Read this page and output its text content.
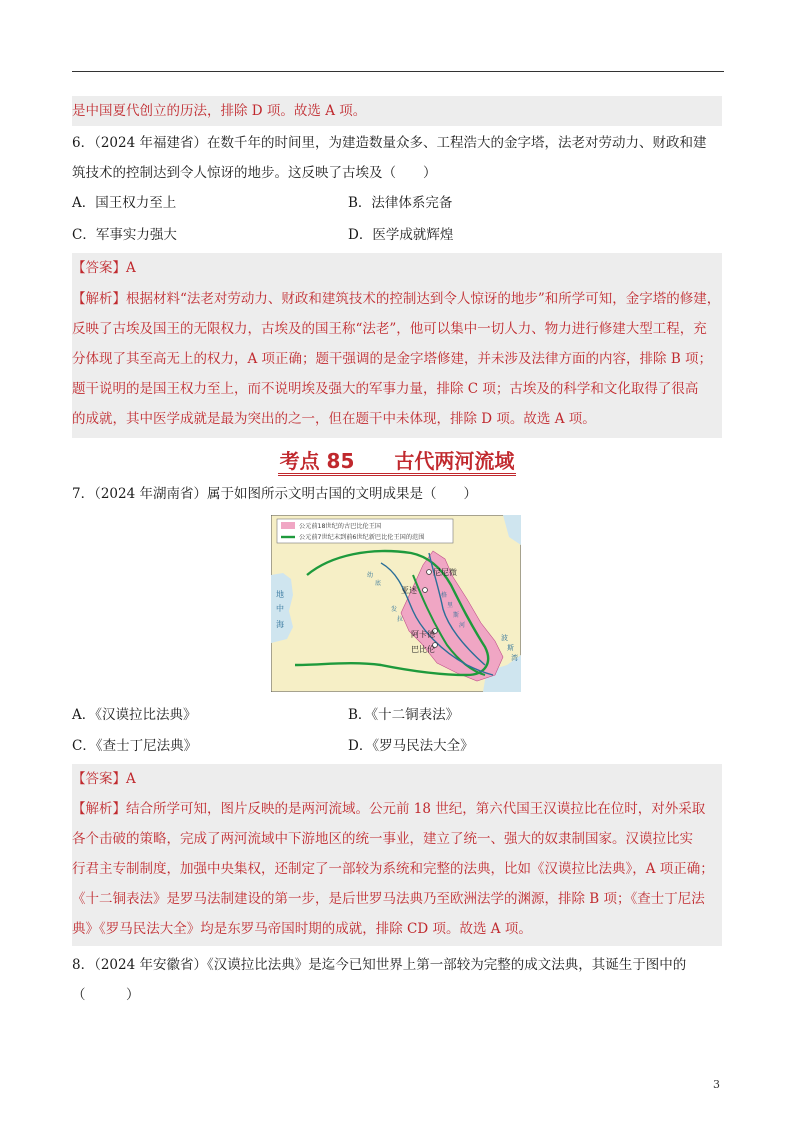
是中国夏代创立的历法，排除 D 项。故选 A 项。
6．（2024 年福建省）在数千年的时间里，为建造数量众多、工程浩大的金字塔，法老对劳动力、财政和建
筑技术的控制达到令人惊讶的地步。这反映了古埃及（　　）
A．国王权力至上	B．法律体系完备
C．军事实力强大	D．医学成就辉煌
【答案】A
【解析】根据材料“法老对劳动力、财政和建筑技术的控制达到令人惊讶的地步”和所学可知，金字塔的修建，
反映了古埃及国王的无限权力，古埃及的国王称“法老”，他可以集中一切人力、物力进行修建大型工程，充
分体现了其至高无上的权力，A 项正确；题干强调的是金字塔修建，并未涉及法律方面的内容，排除 B 项；
题干说明的是国王权力至上，而不说明埃及强大的军事力量，排除 C 项；古埃及的科学和文化取得了很高
的成就，其中医学成就是最为突出的之一，但在题干中未体现，排除 D 项。故选 A 项。
考点 85　　古代两河流域
7．（2024 年湖南省）属于如图所示文明古国的文明成果是（　　）
公元前18世纪的古巴比伦王国
公元前7世纪末到前6世纪新巴比伦王国的范围
尼尼微
亚述
阿卡德
巴比伦
地
中
海
波
斯
湾
幼
底
格
里
斯
发
拉
河
A．《汉谟拉比法典》	B．《十二铜表法》
C．《查士丁尼法典》	D．《罗马民法大全》
【答案】A
【解析】结合所学可知，图片反映的是两河流域。公元前 18 世纪，第六代国王汉谟拉比在位时，对外采取
各个击破的策略，完成了两河流域中下游地区的统一事业，建立了统一、强大的奴隶制国家。汉谟拉比实
行君主专制制度，加强中央集权，还制定了一部较为系统和完整的法典，比如《汉谟拉比法典》，A 项正确；
《十二铜表法》是罗马法制建设的第一步，是后世罗马法典乃至欧洲法学的渊源，排除 B 项；《查士丁尼法
典》《罗马民法大全》均是东罗马帝国时期的成就，排除 CD 项。故选 A 项。
8．（2024 年安徽省）《汉谟拉比法典》是迄今已知世界上第一部较为完整的成文法典，其诞生于图中的
（　　　）
3
